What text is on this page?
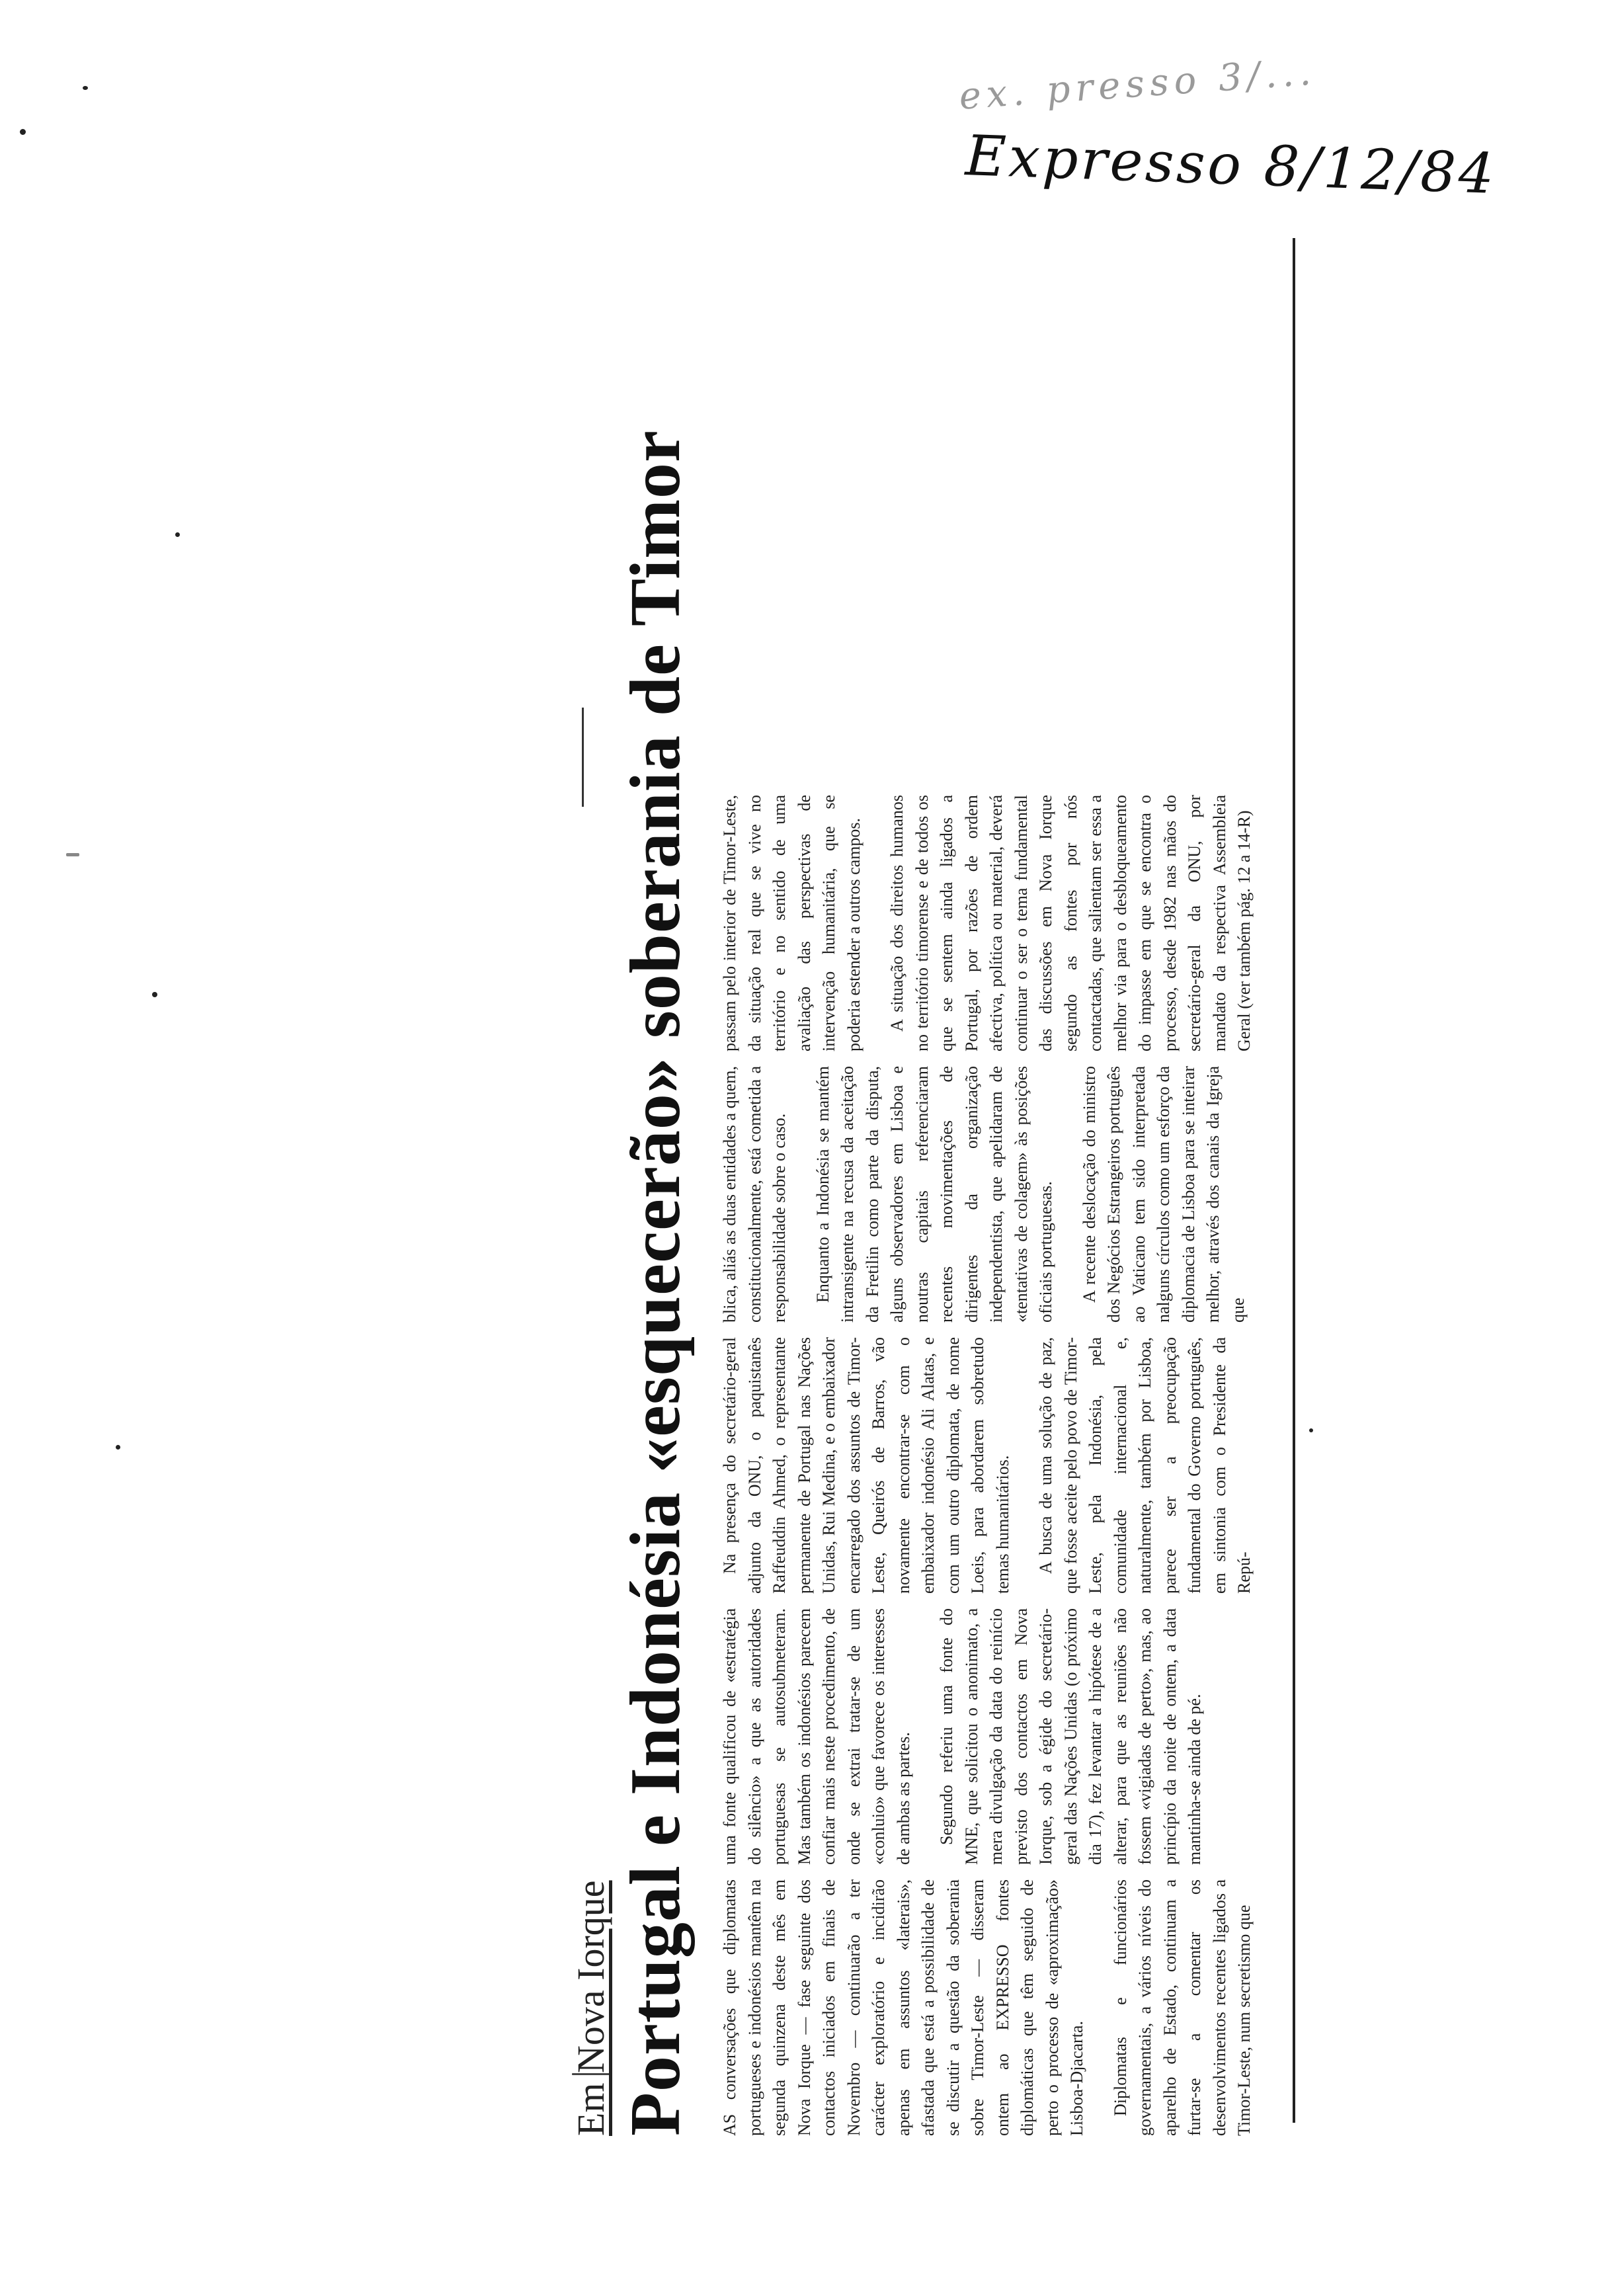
ex. presso 3/...
Expresso 8/12/84
Em Nova Iorque Portugal e Indonésia «esquecerão» soberania de Timor AS conversações que diplomatas portugueses e indonésios mantêm na segunda quinzena deste mês em Nova Iorque — fase seguinte dos contactos iniciados em finais de Novembro — continuarão a ter carácter exploratório e incidirão apenas em assuntos «laterais», afastada que está a possibilidade de se discutir a questão da soberania sobre Timor-Leste — disseram ontem ao EXPRESSO fontes diplomáticas que têm seguido de perto o processo de «aproximação» Lisboa-Djacarta. Diplomatas e funcionários governamentais, a vários níveis do aparelho de Estado, continuam a furtar-se a comentar os desenvolvimentos recentes ligados a Timor-Leste, num secretismo que

uma fonte qualificou de «estratégia do silêncio» a que as autoridades portuguesas se autosubmeteram. Mas também os indonésios parecem confiar mais neste procedimento, de onde se extrai tratar-se de um «conluio» que favorece os interesses de ambas as partes. Segundo referiu uma fonte do MNE, que solicitou o anonimato, a mera divulgação da data do reinício previsto dos contactos em Nova Iorque, sob a égide do secretário-geral das Nações Unidas (o próximo dia 17), fez levantar a hipótese de a alterar, para que as reuniões não fossem «vigiadas de perto», mas, ao princípio da noite de ontem, a data mantinha-se ainda de pé.

Na presença do secretário-geral adjunto da ONU, o paquistanês Raffeuddin Ahmed, o representante permanente de Portugal nas Nações Unidas, Rui Medina, e o embaixador encarregado dos assuntos de Timor-Leste, Queirós de Barros, vão novamente encontrar-se com o embaixador indonésio Ali Alatas, e com um outro diplomata, de nome Loeis, para abordarem sobretudo temas humanitários. A busca de uma solução de paz, que fosse aceite pelo povo de Timor-Leste, pela Indonésia, pela comunidade internacional e, naturalmente, também por Lisboa, parece ser a preocupação fundamental do Governo português, em sintonia com o Presidente da Repú-

blica, aliás as duas entidades a quem, constitucionalmente, está cometida a responsabilidade sobre o caso. Enquanto a Indonésia se mantém intransigente na recusa da aceitação da Fretilin como parte da disputa, alguns observadores em Lisboa e noutras capitais referenciaram recentes movimentações de dirigentes da organização independentista, que apelidaram de «tentativas de colagem» às posições oficiais portuguesas. A recente deslocação do ministro dos Negócios Estrangeiros português ao Vaticano tem sido interpretada nalguns círculos como um esforço da diplomacia de Lisboa para se inteirar melhor, através dos canais da Igreja que

passam pelo interior de Timor-Leste, da situação real que se vive no território e no sentido de uma avaliação das perspectivas de intervenção humanitária, que se poderia estender a outros campos. A situação dos direitos humanos no território timorense e de todos os que se sentem ainda ligados a Portugal, por razões de ordem afectiva, política ou material, deverá continuar o ser o tema fundamental das discussões em Nova Iorque segundo as fontes por nós contactadas, que salientam ser essa a melhor via para o desbloqueamento do impasse em que se encontra o processo, desde 1982 nas mãos do secretário-geral da ONU, por mandato da respectiva Assembleia Geral (ver também pág. 12 a 14-R)
